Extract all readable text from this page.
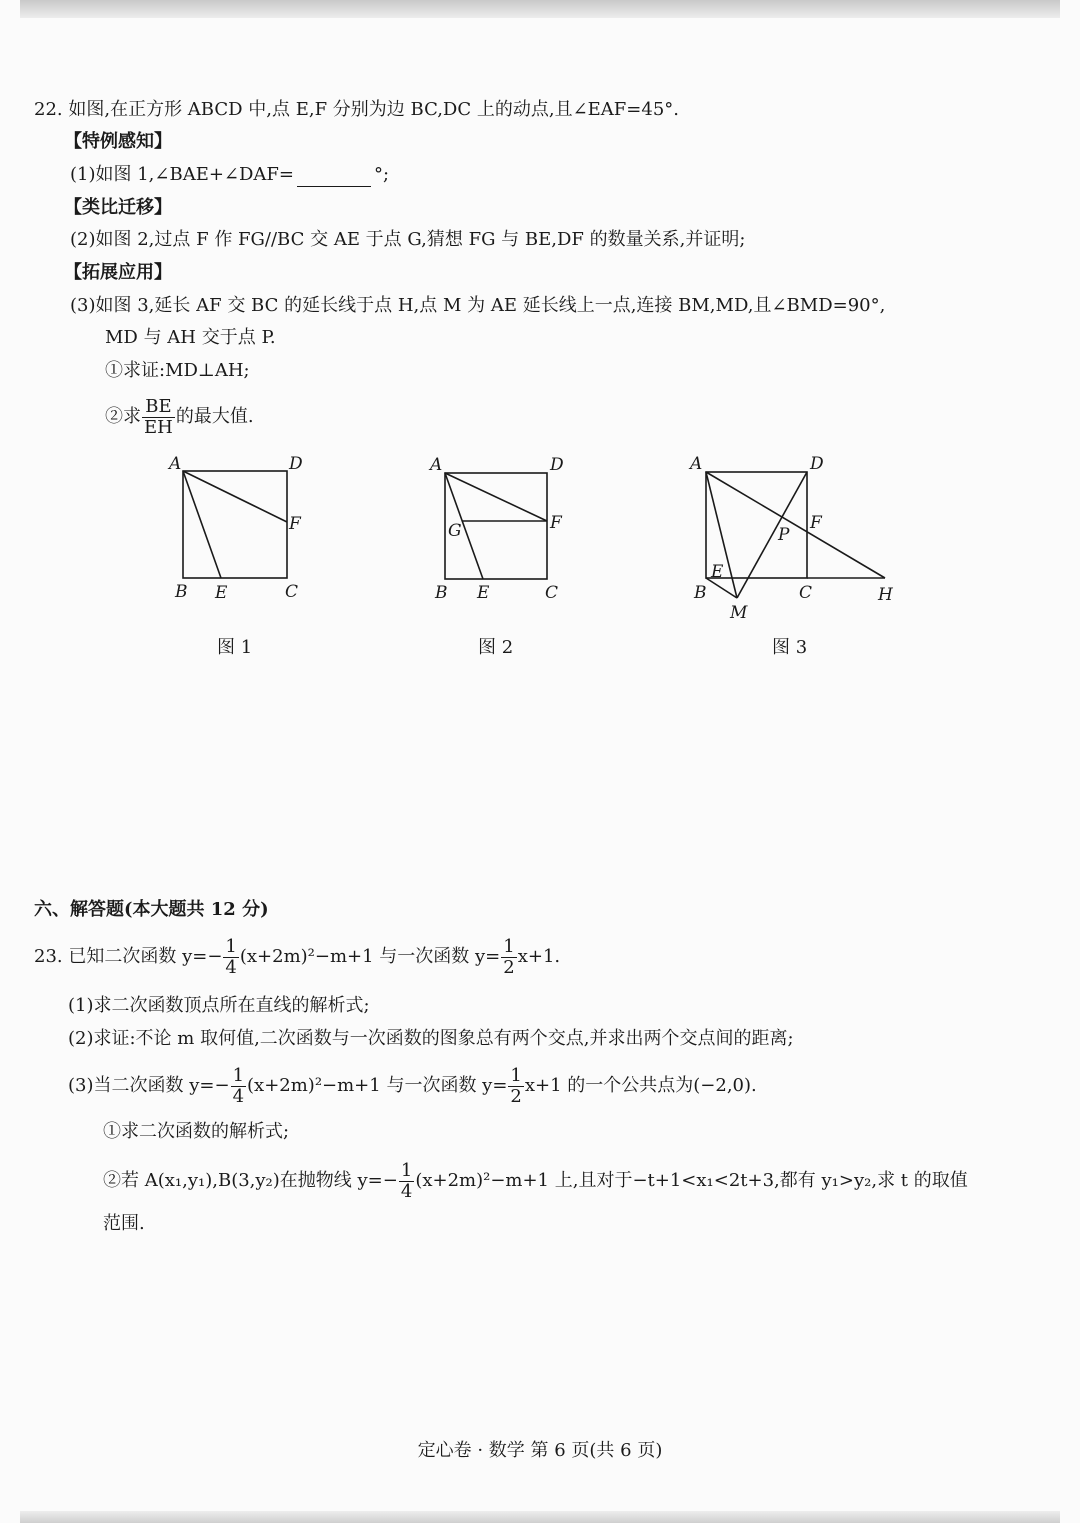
22. 如图,在正方形 ABCD 中,点 E,F 分别为边 BC,DC 上的动点,且∠EAF=45°.
【特例感知】
(1)如图 1,∠BAE+∠DAF=	°;
【类比迁移】
(2)如图 2,过点 F 作 FG//BC 交 AE 于点 G,猜想 FG 与 BE,DF 的数量关系,并证明;
【拓展应用】
(3)如图 3,延长 AF 交 BC 的延长线于点 H,点 M 为 AE 延长线上一点,连接 BM,MD,且∠BMD=90°,
MD 与 AH 交于点 P.
①求证:MD⊥AH;
②求 $\frac{BE}{EH}$ 的最大值.
A	D
F
B E	C
图 1
A	D
G	F
B E	C
图 2
A	D
P
F
E
B	C	H
M
图 3
六、解答题(本大题共 12 分)
23. 已知二次函数 $y=- \frac{1}{4} (x+2m)^2-m+1$ 与一次函数 $y= \frac{1}{2} x+1$.
(1)求二次函数顶点所在直线的解析式;
(2)求证:不论 m 取何值,二次函数与一次函数的图象总有两个交点,并求出两个交点间的距离;
(3)当二次函数 $y=- \frac{1}{4} (x+2m)^2-m+1$ 与一次函数 $y= \frac{1}{2} x+1$ 的一个公共点为(−2,0).
①求二次函数的解析式;
②若 A(x₁,y₁),B(3,y₂)在抛物线 $y=- \frac{1}{4} (x+2m)^2-m+1$ 上,且对于−t+1<x₁<2t+3,都有 y₁>y₂,求 t 的取值
范围.
定心卷 · 数学 第 6 页(共 6 页)
